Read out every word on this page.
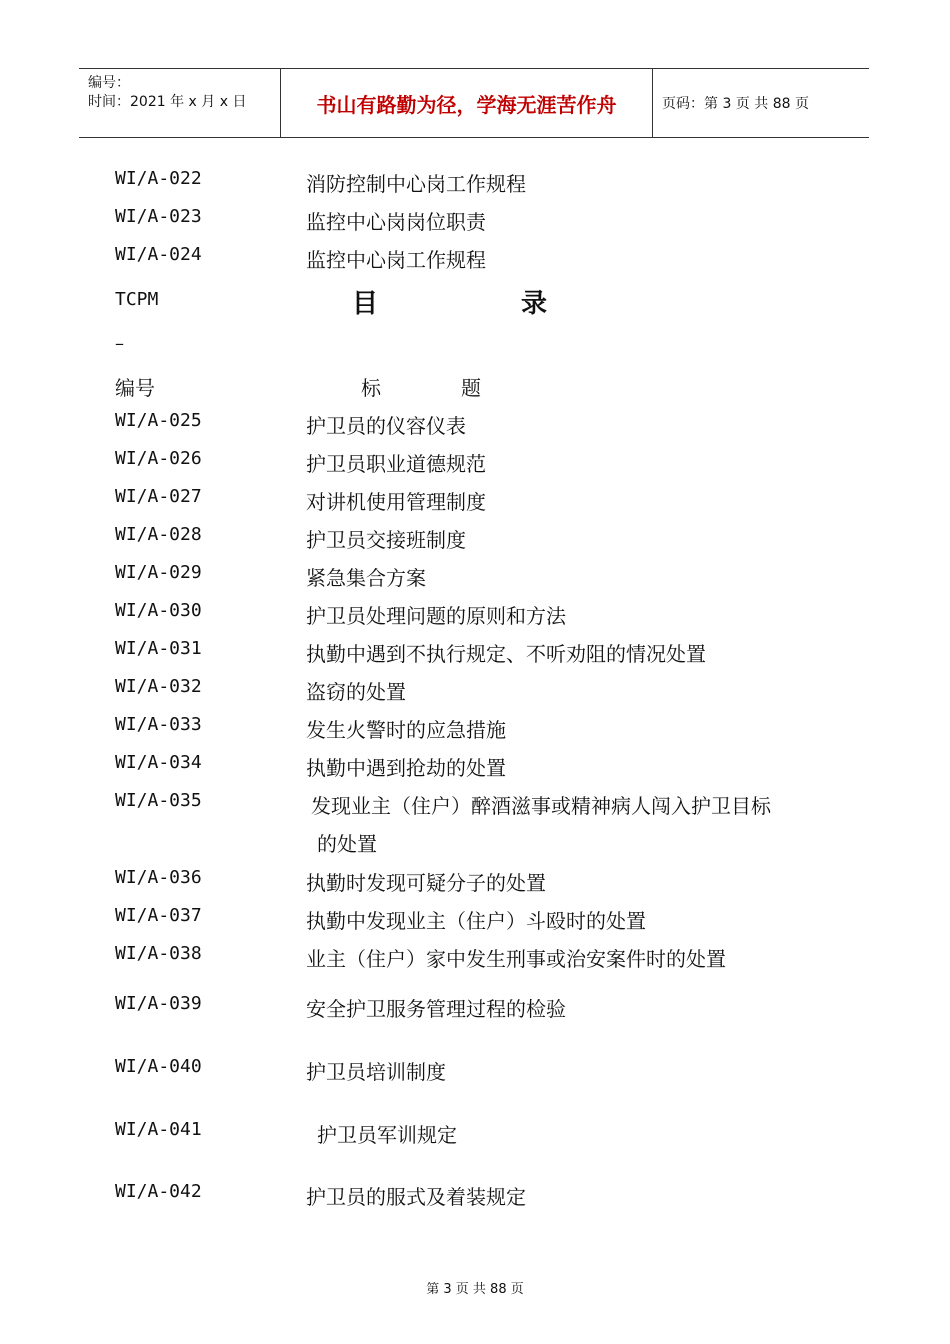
编号：
时间：2021 年 x 月 x 日	书山有路勤为径，学海无涯苦作舟	页码：第 3 页 共 88 页
WI/A-022	消防控制中心岗工作规程
WI/A-023	监控中心岗岗位职责
WI/A-024	监控中心岗工作规程
TCPM	目	录
–
编号	标	题
WI/A-025	护卫员的仪容仪表
WI/A-026	护卫员职业道德规范
WI/A-027	对讲机使用管理制度
WI/A-028	护卫员交接班制度
WI/A-029	紧急集合方案
WI/A-030	护卫员处理问题的原则和方法
WI/A-031	执勤中遇到不执行规定、不听劝阻的情况处置
WI/A-032	盗窃的处置
WI/A-033	发生火警时的应急措施
WI/A-034	执勤中遇到抢劫的处置
WI/A-035	发现业主（住户）醉酒滋事或精神病人闯入护卫目标
的处置
WI/A-036	执勤时发现可疑分子的处置
WI/A-037	执勤中发现业主（住户）斗殴时的处置
WI/A-038	业主（住户）家中发生刑事或治安案件时的处置
WI/A-039	安全护卫服务管理过程的检验
WI/A-040	护卫员培训制度
WI/A-041	护卫员军训规定
WI/A-042	护卫员的服式及着装规定
第 3 页 共 88 页
